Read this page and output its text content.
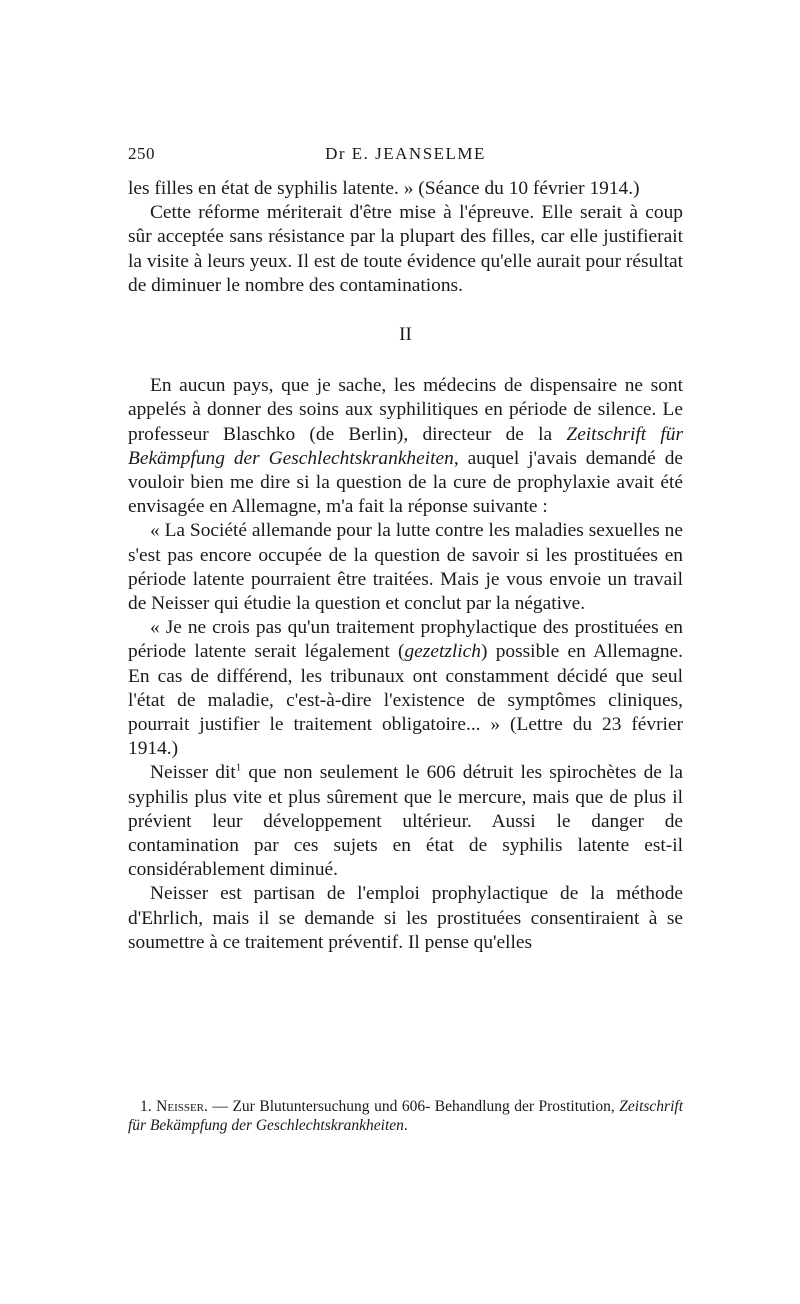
250	Dr E. JEANSELME

les filles en état de syphilis latente. » (Séance du 10 février 1914.)

Cette réforme mériterait d'être mise à l'épreuve. Elle serait à coup sûr acceptée sans résistance par la plupart des filles, car elle justifierait la visite à leurs yeux. Il est de toute évidence qu'elle aurait pour résultat de diminuer le nombre des contaminations.

II

En aucun pays, que je sache, les médecins de dispensaire ne sont appelés à donner des soins aux syphilitiques en période de silence. Le professeur Blaschko (de Berlin), directeur de la Zeitschrift für Bekämpfung der Geschlechtskrankheiten, auquel j'avais demandé de vouloir bien me dire si la question de la cure de prophylaxie avait été envisagée en Allemagne, m'a fait la réponse suivante :

« La Société allemande pour la lutte contre les maladies sexuelles ne s'est pas encore occupée de la question de savoir si les prostituées en période latente pourraient être traitées. Mais je vous envoie un travail de Neisser qui étudie la question et conclut par la négative.

« Je ne crois pas qu'un traitement prophylactique des prostituées en période latente serait légalement (gezetzlich) possible en Allemagne. En cas de différend, les tribunaux ont constamment décidé que seul l'état de maladie, c'est-à-dire l'existence de symptômes cliniques, pourrait justifier le traitement obligatoire... » (Lettre du 23 février 1914.)

Neisser dit$^1$ que non seulement le 606 détruit les spirochètes de la syphilis plus vite et plus sûrement que le mercure, mais que de plus il prévient leur développement ultérieur. Aussi le danger de contamination par ces sujets en état de syphilis latente est-il considérablement diminué.

Neisser est partisan de l'emploi prophylactique de la méthode d'Ehrlich, mais il se demande si les prostituées consentiraient à se soumettre à ce traitement préventif. Il pense qu'elles

1. Neisser. — Zur Blutuntersuchung und 606- Behandlung der Prostitution, Zeitschrift für Bekämpfung der Geschlechtskrankheiten.
